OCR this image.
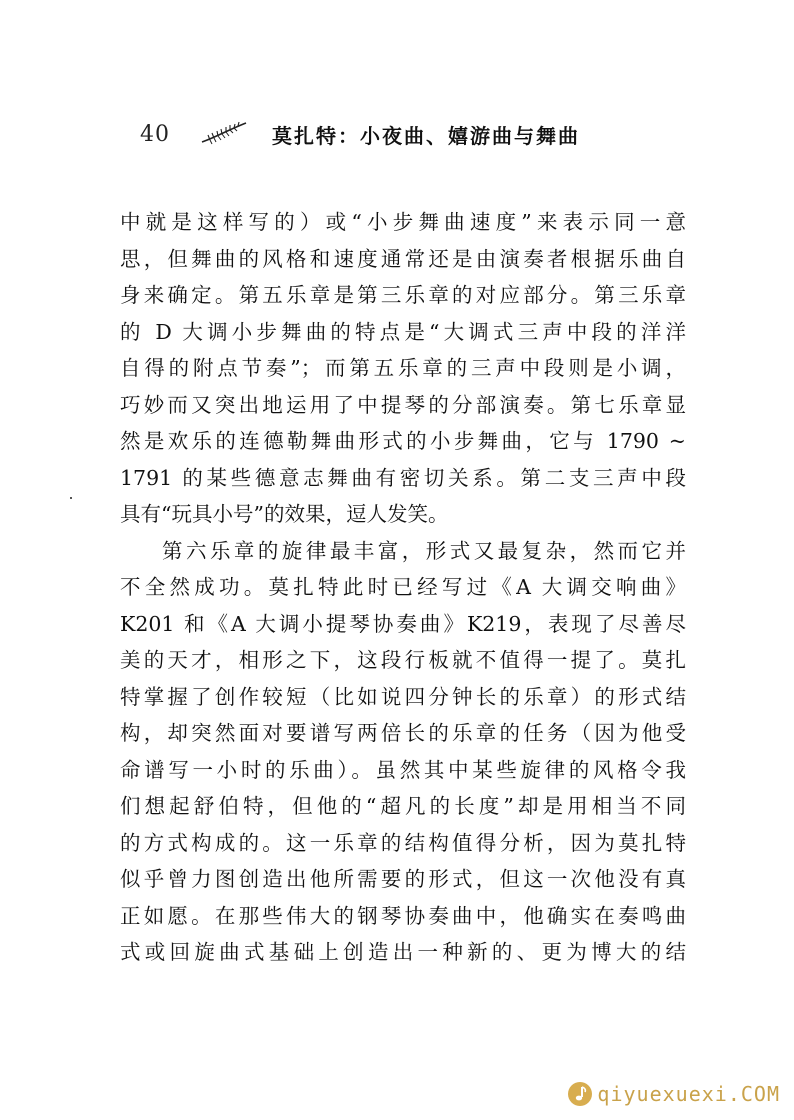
40	莫扎特：小夜曲、嬉游曲与舞曲
中就是这样写的）或“小步舞曲速度”来表示同一意
思，但舞曲的风格和速度通常还是由演奏者根据乐曲自
身来确定。第五乐章是第三乐章的对应部分。第三乐章
的 D 大调小步舞曲的特点是“大调式三声中段的洋洋
自得的附点节奏”；而第五乐章的三声中段则是小调，
巧妙而又突出地运用了中提琴的分部演奏。第七乐章显
然是欢乐的连德勒舞曲形式的小步舞曲，它与 1790 ~
1791 的某些德意志舞曲有密切关系。第二支三声中段
具有“玩具小号”的效果，逗人发笑。
第六乐章的旋律最丰富，形式又最复杂，然而它并
不全然成功。莫扎特此时已经写过《A 大调交响曲》
K201 和《A 大调小提琴协奏曲》K219，表现了尽善尽
美的天才，相形之下，这段行板就不值得一提了。莫扎
特掌握了创作较短（比如说四分钟长的乐章）的形式结
构，却突然面对要谱写两倍长的乐章的任务（因为他受
命谱写一小时的乐曲）。虽然其中某些旋律的风格令我
们想起舒伯特，但他的“超凡的长度”却是用相当不同
的方式构成的。这一乐章的结构值得分析，因为莫扎特
似乎曾力图创造出他所需要的形式，但这一次他没有真
正如愿。在那些伟大的钢琴协奏曲中，他确实在奏鸣曲
式或回旋曲式基础上创造出一种新的、更为博大的结
qiyuexuexi.COM
